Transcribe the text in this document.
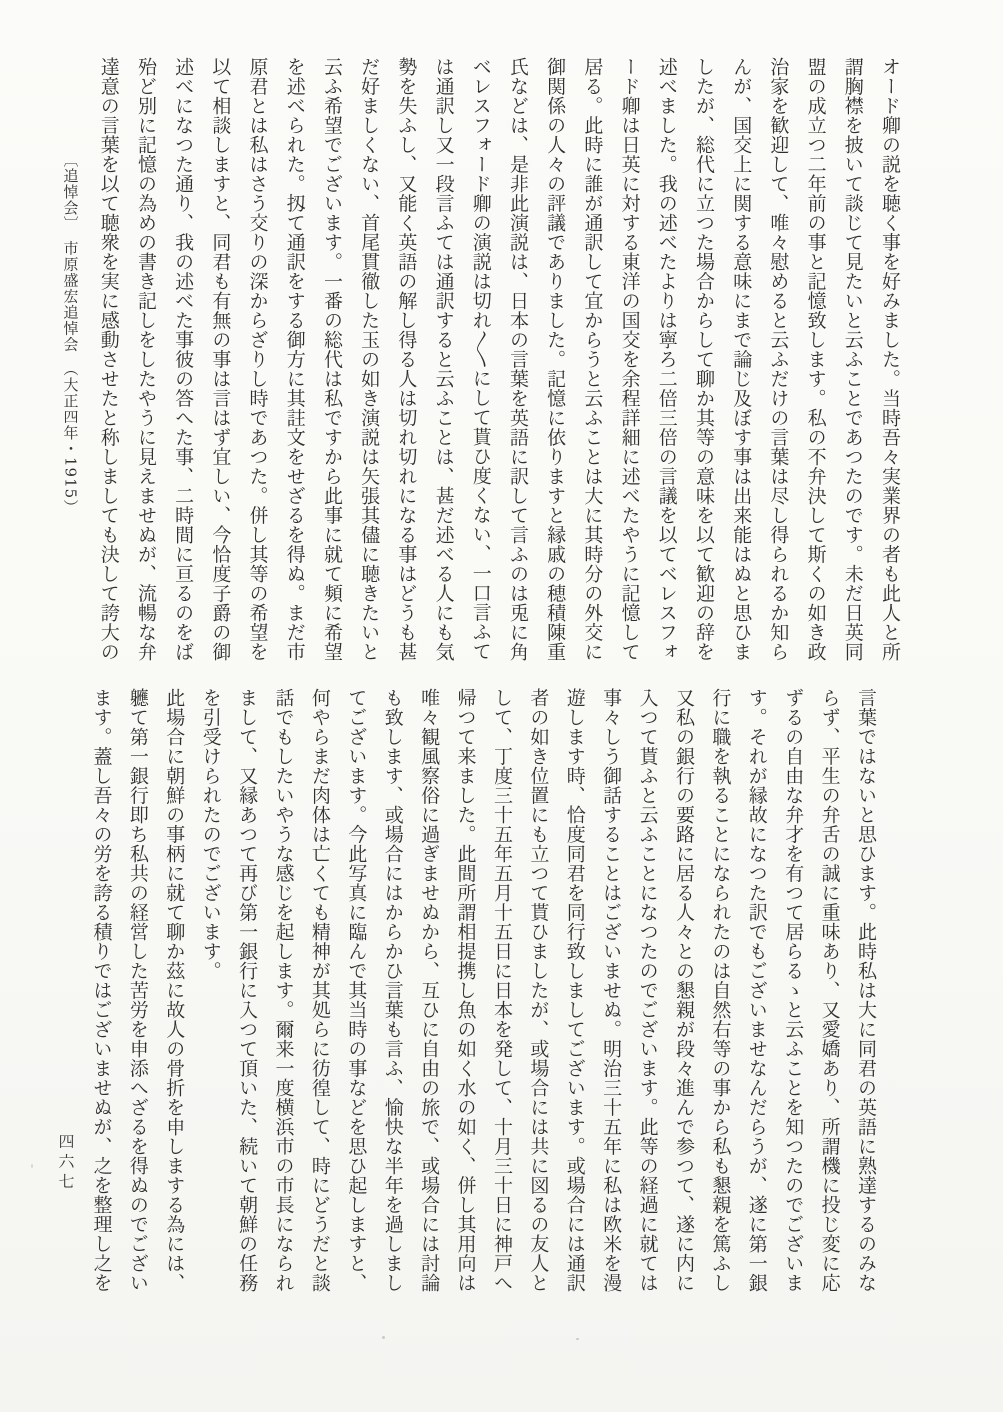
オード卿の説を聴く事を好みました。当時吾々実業界の者も此人と所
謂胸襟を披いて談じて見たいと云ふことであつたのです。未だ日英同
盟の成立つ二年前の事と記憶致します。私の不弁決して斯くの如き政
治家を歓迎して、唯々慰めると云ふだけの言葉は尽し得られるか知ら
んが、国交上に関する意味にまで論じ及ぼす事は出来能はぬと思ひま
したが、総代に立つた場合からして聊か其等の意味を以て歓迎の辞を
述べました。我の述べたよりは寧ろ二倍三倍の言議を以てベレスフォ
ード卿は日英に対する東洋の国交を余程詳細に述べたやうに記憶して
居る。此時に誰が通訳して宜からうと云ふことは大に其時分の外交に
御関係の人々の評議でありました。記憶に依りますと縁戚の穂積陳重
氏などは、是非此演説は、日本の言葉を英語に訳して言ふのは兎に角
ベレスフォード卿の演説は切れ〳〵にして貰ひ度くない、一口言ふて
は通訳し又一段言ふては通訳すると云ふことは、甚だ述べる人にも気
勢を失ふし、又能く英語の解し得る人は切れ切れになる事はどうも甚
だ好ましくない、首尾貫徹した玉の如き演説は矢張其儘に聴きたいと
云ふ希望でございます。一番の総代は私ですから此事に就て頻に希望
を述べられた。扨て通訳をする御方に其註文をせざるを得ぬ。まだ市
原君とは私はさう交りの深からざりし時であつた。併し其等の希望を
以て相談しますと、同君も有無の事は言はず宜しい、今恰度子爵の御
述べになつた通り、我の述べた事彼の答へた事、二時間に亘るのをば
殆ど別に記憶の為めの書き記しをしたやうに見えませぬが、流暢な弁
達意の言葉を以て聴衆を実に感動させたと称しましても決して誇大の
〔追悼会〕　市原盛宏追悼会　（大正四年・1915）
言葉ではないと思ひます。此時私は大に同君の英語に熟達するのみな
らず、平生の弁舌の誠に重味あり、又愛嬌あり、所謂機に投じ変に応
ずるの自由な弁才を有つて居らるゝと云ふことを知つたのでございま
す。それが縁故になつた訳でもございませなんだらうが、遂に第一銀
行に職を執ることになられたのは自然右等の事から私も懇親を篤ふし
又私の銀行の要路に居る人々との懇親が段々進んで参つて、遂に内に
入つて貰ふと云ふことになつたのでございます。此等の経過に就ては
事々しう御話することはございませぬ。明治三十五年に私は欧米を漫
遊します時、恰度同君を同行致しましてございます。或場合には通訳
者の如き位置にも立つて貰ひましたが、或場合には共に図るの友人と
して、丁度三十五年五月十五日に日本を発して、十月三十日に神戸へ
帰つて来ました。此間所謂相提携し魚の如く水の如く、併し其用向は
唯々観風察俗に過ぎませぬから、互ひに自由の旅で、或場合には討論
も致します、或場合にはからかひ言葉も言ふ、愉快な半年を過しまし
てございます。今此写真に臨んで其当時の事などを思ひ起しますと、
何やらまだ肉体は亡くても精神が其処らに彷徨して、時にどうだと談
話でもしたいやうな感じを起します。爾来一度横浜市の市長になられ
まして、又縁あつて再び第一銀行に入つて頂いた、続いて朝鮮の任務
を引受けられたのでございます。
此場合に朝鮮の事柄に就て聊か茲に故人の骨折を申しまする為には、
軈て第一銀行即ち私共の経営した苦労を申添へざるを得ぬのでござい
ます。蓋し吾々の労を誇る積りではございませぬが、之を整理し之を
四六七
